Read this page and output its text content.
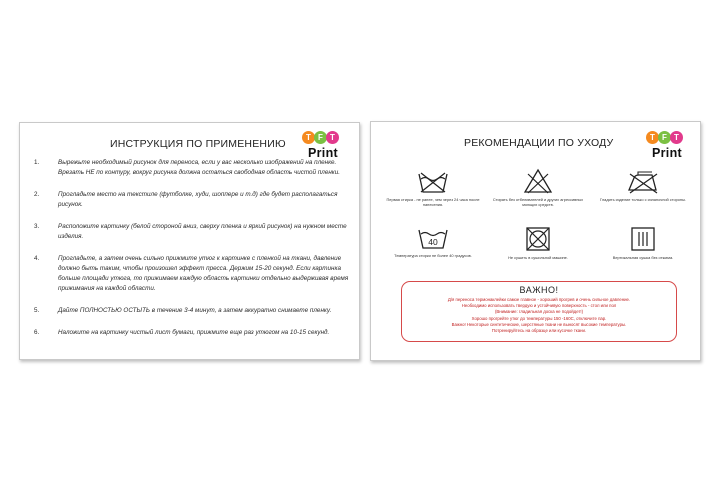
ИНСТРУКЦИЯ ПО ПРИМЕНЕНИЮ
T F T
Print
1.	Вырежьте необходимый рисунок для переноса, если у вас несколько изображений на пленке. Врезать НЕ по контуру, вокруг рисунка должна остаться свободная область чистой пленки.
2.	Прогладьте место на текстиле (футболке, худи, шоппере и т.д) где будет располагаться рисунок.
3.	Расположите картинку (белой стороной вниз, сверху пленка и яркий рисунок) на нужном месте изделия.
4.	Прогладьте, а затем очень сильно прижмите утюг к картинке с пленкой на ткани, давление должно быть таким, чтобы произошел эффект пресса. Держим 15-20 секунд. Если картинка больше площади утюга, то прижимаем каждую область картинки отдельно выдерживая время прижимания на каждой области.
5.	Дайте ПОЛНОСТЬЮ ОСТЫТЬ в течение 3-4 минут, а затем аккуратно снимаете пленку.
6.	Наложите на картинку чистый лист бумаги, прижмите еще раз утюгом на 10-15 секунд.
РЕКОМЕНДАЦИИ ПО УХОДУ	T F T
Print
Первая стирка - не ранее, чем через 24 часа после нанесения.
Стирать без отбеливателей и других агрессивных моющих средств.
Гладить изделие только с изнаночной стороны.
40
Температура стирки не более 40 градусов.	Не сушить в сушильной машине.	Вертикальная сушка без отжима.
ВАЖНО!
Д/я переноса термонаклейки самое главное - хороший прогрев и очень сильное давление.
Необходимо использовать твердую и устойчивую поверхность - стол или пол
(Внимание: гладильная доска не подойдет!)
Хорошо прогрейте утюг до температуры 150 -160С, отключите пар.
Важно! Некоторые синтетические, шерстяные ткани не выносят высокие температуры.
Потренируйтесь на образце или кусочке ткани.
